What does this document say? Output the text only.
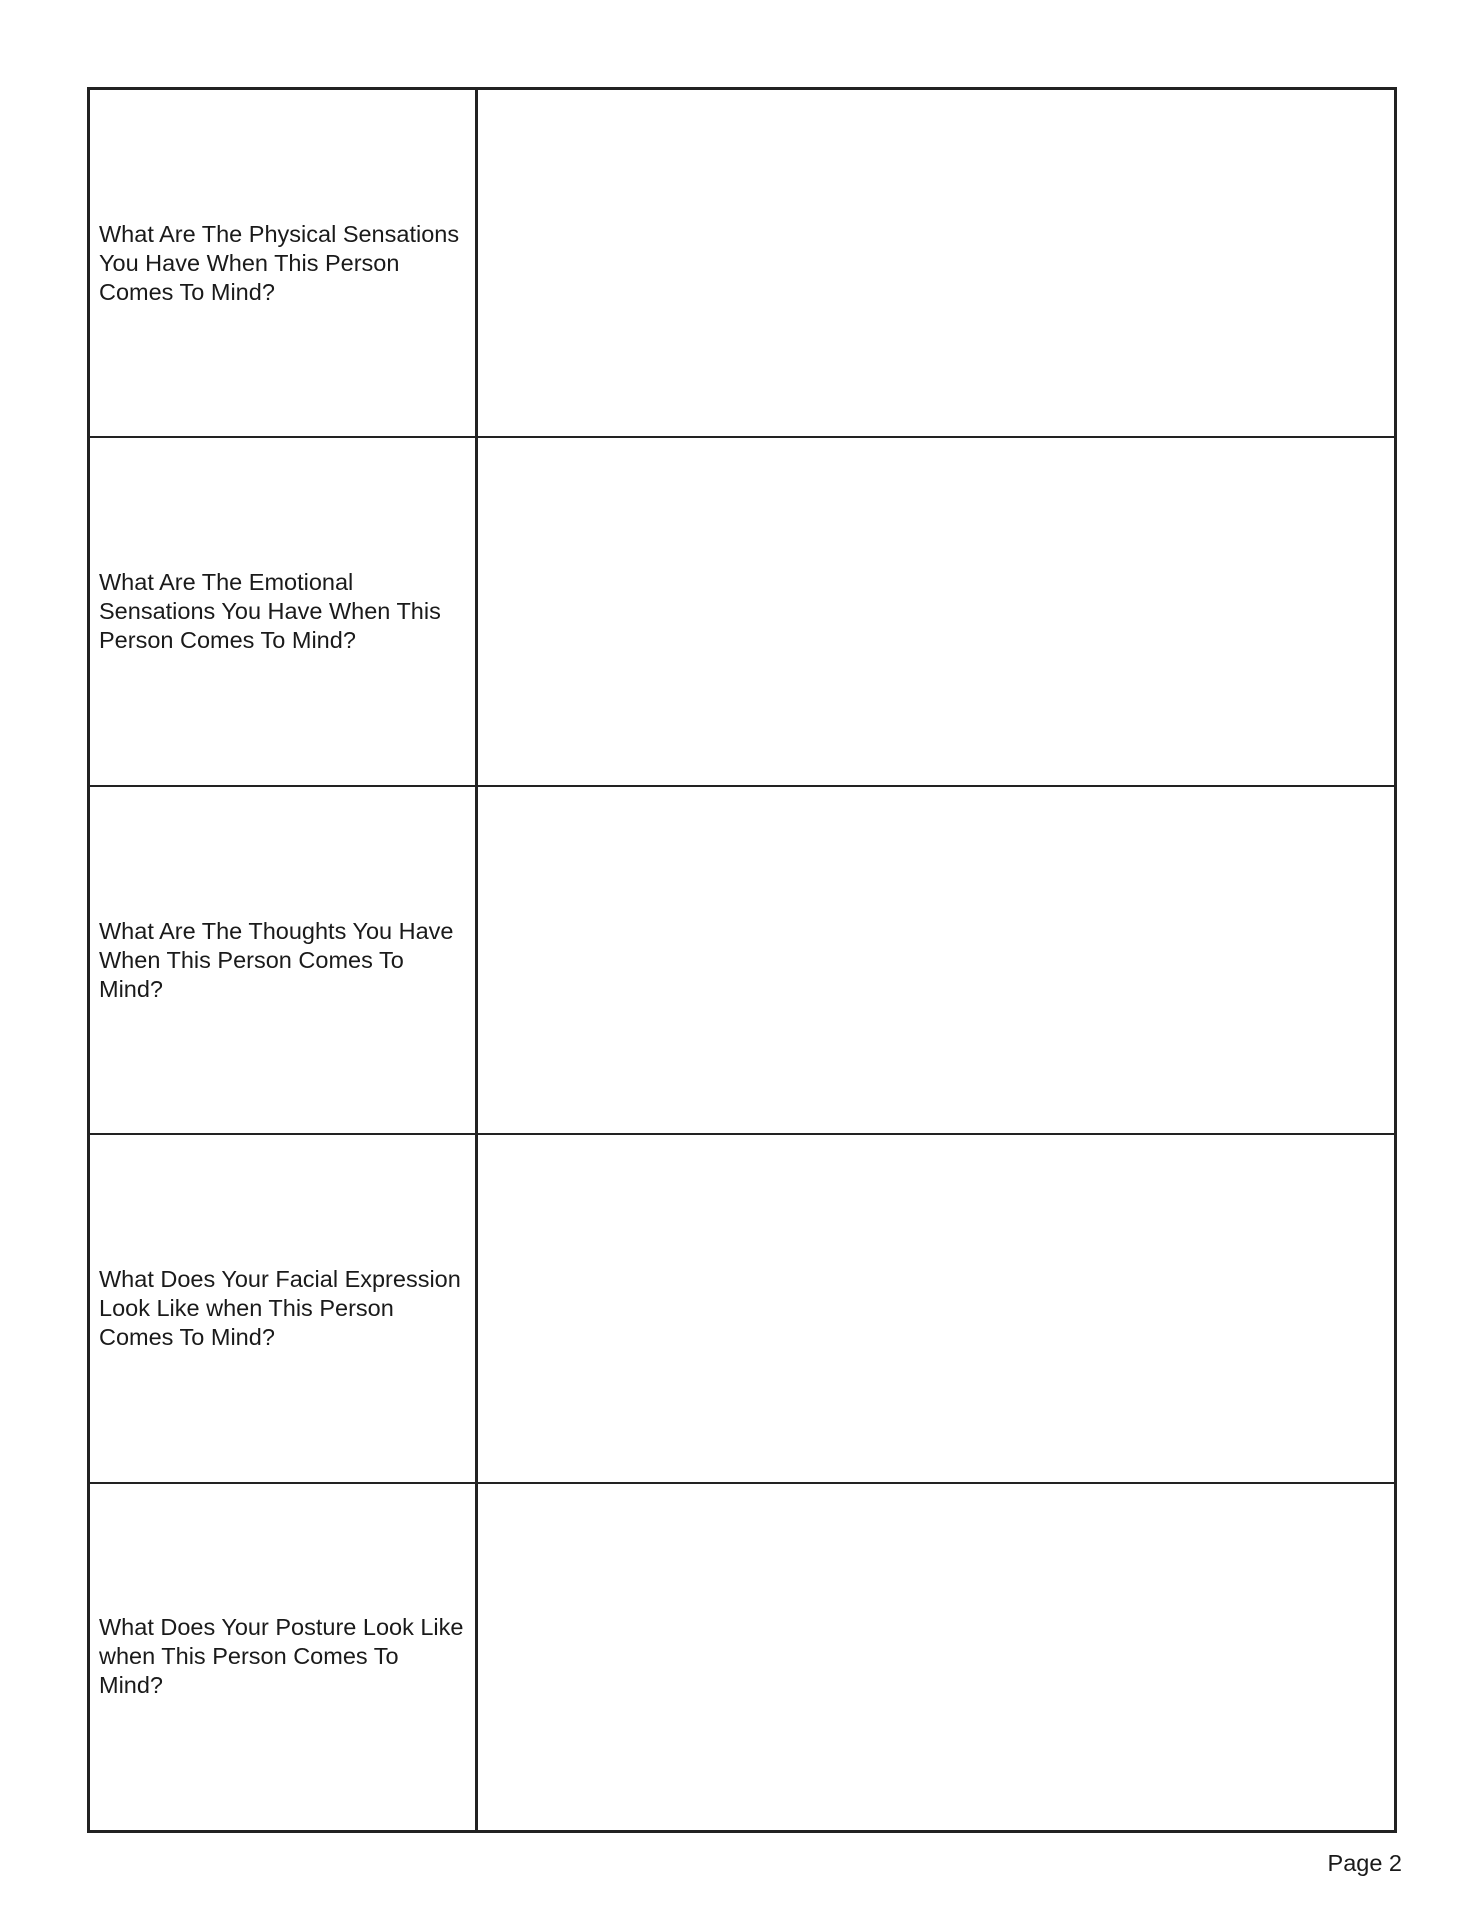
What Are The Physical Sensations You Have When This Person Comes To Mind?

What Are The Emotional Sensations You Have When This Person Comes To Mind?

What Are The Thoughts You Have When This Person Comes To Mind?

What Does Your Facial Expression Look Like when This Person Comes To Mind?

What Does Your Posture Look Like when This Person Comes To Mind?

Page 2
